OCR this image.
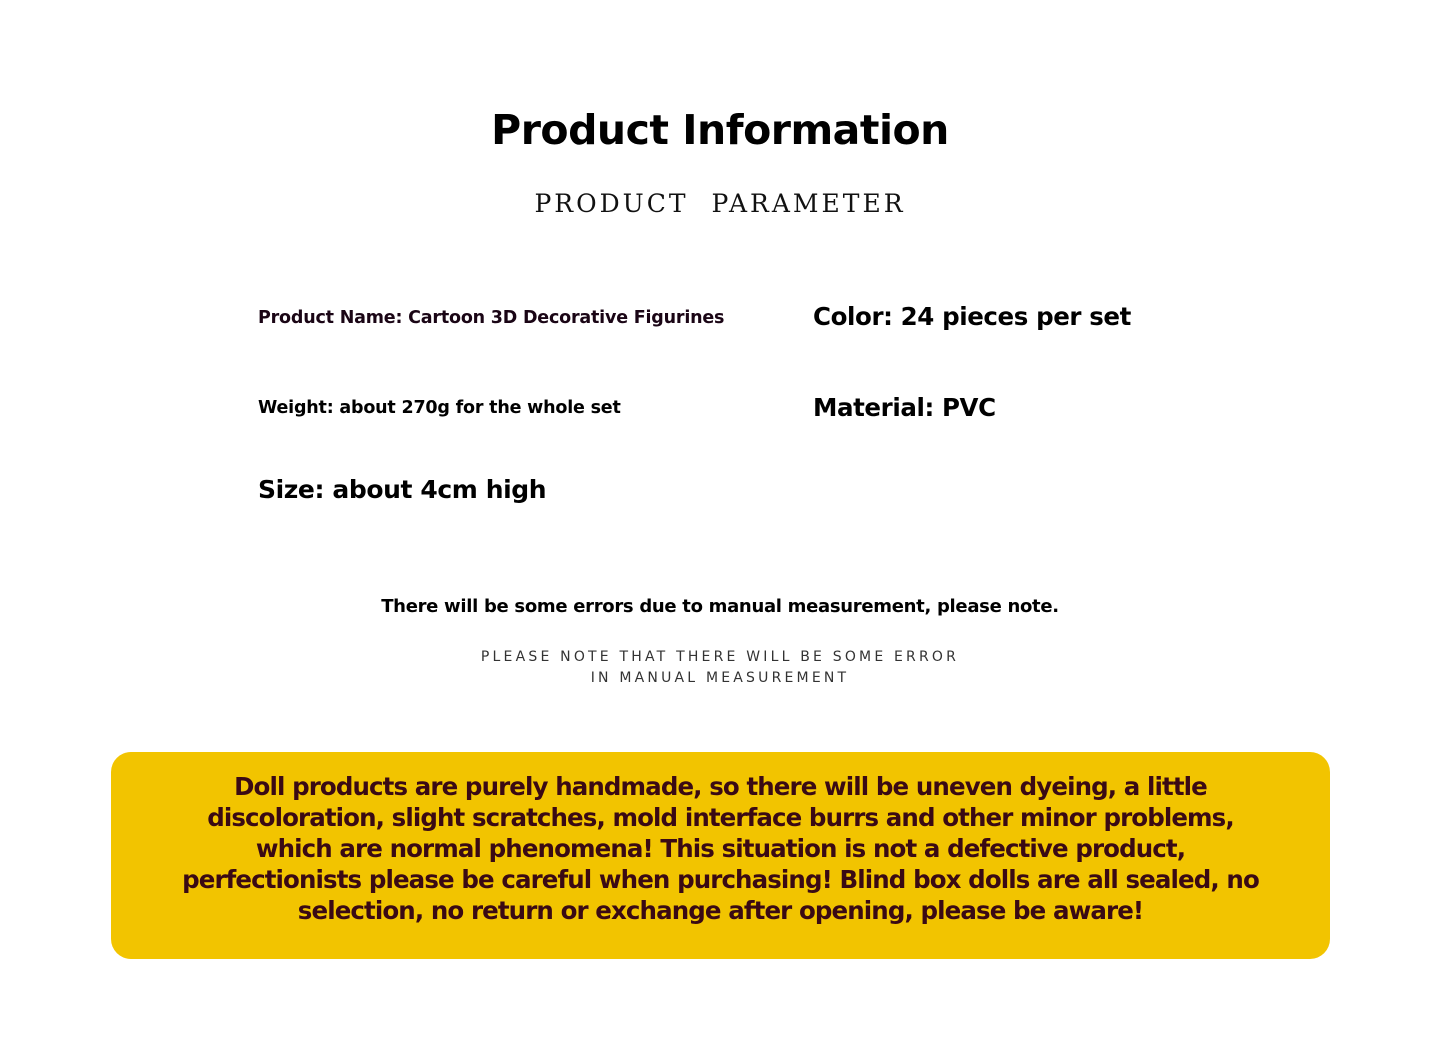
Product Information
PRODUCT PARAMETER
Product Name: Cartoon 3D Decorative Figurines	Color: 24 pieces per set
Weight: about 270g for the whole set	Material: PVC
Size: about 4cm high
There will be some errors due to manual measurement, please note.
PLEASE NOTE THAT THERE WILL BE SOME ERROR
IN MANUAL MEASUREMENT
Doll products are purely handmade, so there will be uneven dyeing, a little
discoloration, slight scratches, mold interface burrs and other minor problems,
which are normal phenomena! This situation is not a defective product,
perfectionists please be careful when purchasing! Blind box dolls are all sealed, no
selection, no return or exchange after opening, please be aware!
